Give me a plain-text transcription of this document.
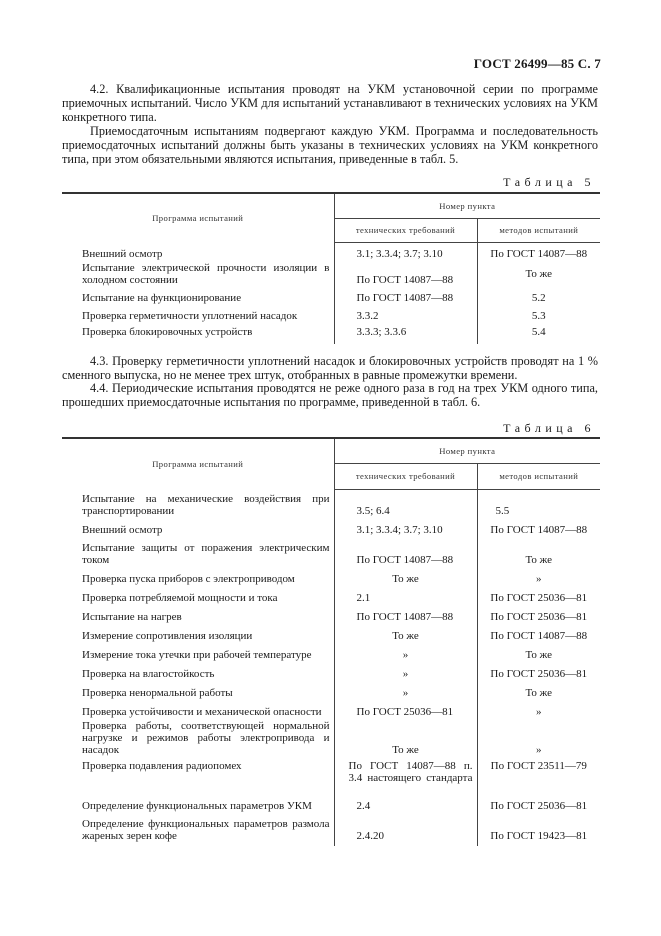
ГОСТ 26499—85 С. 7

4.2. Квалификационные испытания проводят на УКМ установочной серии по программе приемочных испытаний. Число УКМ для испытаний устанавливают в технических условиях на УКМ конкретного типа.

Приемосдаточным испытаниям подвергают каждую УКМ. Программа и последовательность приемосдаточных испытаний должны быть указаны в технических условиях на УКМ конкретного типа, при этом обязательными являются испытания, приведенные в табл. 5.

Таблица 5
Программа испытаний	Номер пункта	
	технических требований	методов испытаний
Внешний осмотр	3.1; 3.3.4; 3.7; 3.10	По ГОСТ 14087—88

Испытание электрической прочности изоляции в холодном состоянии	По ГОСТ 14087—88	То же
Испытание на функционирование	По ГОСТ 14087—88	5.2
Проверка герметичности уплотнений насадок	3.3.2	5.3
Проверка блокировочных устройств	3.3.3; 3.3.6	5.4

4.3. Проверку герметичности уплотнений насадок и блокировочных устройств проводят на 1 % сменного выпуска, но не менее трех штук, отобранных в равные промежутки времени.

4.4. Периодические испытания проводятся не реже одного раза в год на трех УКМ одного типа, прошедших приемосдаточные испытания по программе, приведенной в табл. 6.

Таблица 6
Программа испытаний	Номер пункта	
	технических требований	методов испытаний

Испытание на механические воздействия при транспортировании	3.5; 6.4	5.5
Внешний осмотр	3.1; 3.3.4; 3.7; 3.10	По ГОСТ 14087—88

Испытание защиты от поражения электрическим током	По ГОСТ 14087—88	То же
Проверка пуска приборов с электроприводом	То же	»
Проверка потребляемой мощности и тока	2.1	По ГОСТ 25036—81
Испытание на нагрев	По ГОСТ 14087—88	По ГОСТ 25036—81
Измерение сопротивления изоляции	То же	По ГОСТ 14087—88
Измерение тока утечки при рабочей температуре	»	То же
Проверка на влагостойкость	»	По ГОСТ 25036—81
Проверка ненормальной работы	»	То же
Проверка устойчивости и механической опасности	По ГОСТ 25036—81	»

Проверка работы, соответствующей нормальной нагрузке и режимов работы электропривода и насадок	То же	»
Проверка подавления радиопомех	По ГОСТ 14087—88 п. 3.4 настоящего стандарта	По ГОСТ 23511—79
Определение функциональных параметров УКМ	2.4	По ГОСТ 25036—81

Определение функциональных параметров размола жареных зерен кофе	2.4.20	По ГОСТ 19423—81
